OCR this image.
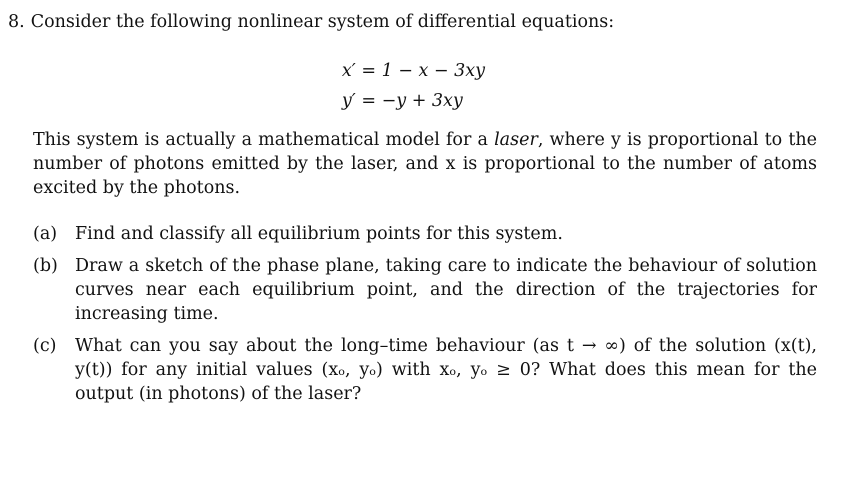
8. Consider the following nonlinear system of differential equations:
x′ = 1 − x − 3xy
y′ = −y + 3xy
This system is actually a mathematical model for a laser, where y is proportional to the number of photons emitted by the laser, and x is proportional to the number of atoms excited by the photons.
(a)	Find and classify all equilibrium points for this system.
(b) Draw a sketch of the phase plane, taking care to indicate the behaviour of solution curves near each equilibrium point, and the direction of the trajectories for increasing time.
(c)	What can you say about the long–time behaviour (as t → ∞) of the solution (x(t), y(t)) for any initial values (xₒ, yₒ) with xₒ, yₒ ≥ 0? What does this mean for the output (in photons) of the laser?
